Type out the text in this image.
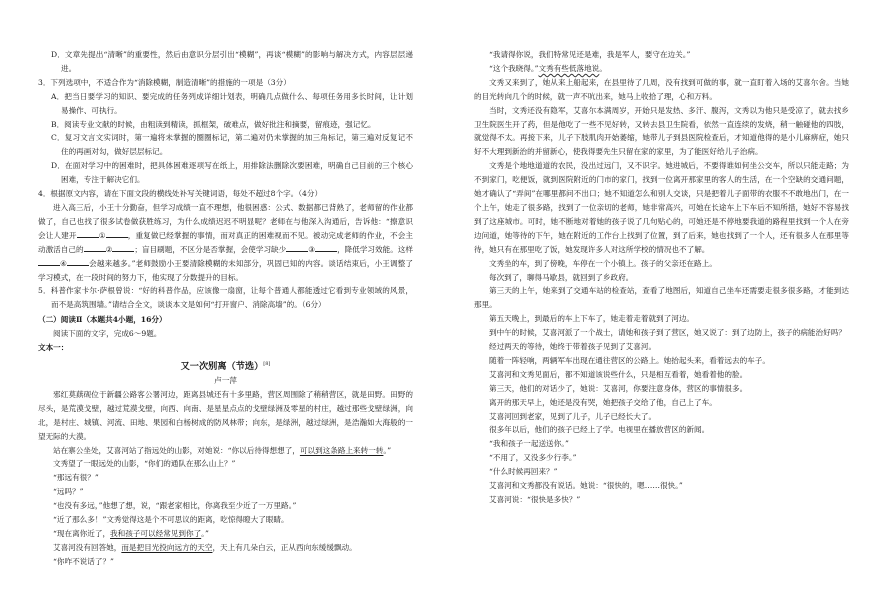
D．文章先提出“清晰”的重要性，然后由意识分层引出“模糊”，再谈“模糊”的影响与解决方式，内容层层递进。

3．下列选项中，不适合作为“消除模糊，制造清晰”的措施的一项是（3分）

A．把当日要学习的知识、要完成的任务列成详细计划表，明确几点做什么、每项任务用多长时间，让计划易操作、可执行。

B．阅读专业文献的时候，由粗读到精读，抓框架，破难点，做好批注和摘要，留痕迹，强记忆。

C．复习文言文实词时，第一遍将未掌握的圈圈标记，第二遍对仍未掌握的加三角标记，第三遍对反复记不住的再画对勾，做好层层标记。

D．在面对学习中的困难时，把具体困难逐项写在纸上，用排除法删除次要困难，明确自己目前的三个核心困难，专注于解决它们。

4．根据原文内容，请在下面文段的横线处补写关键词语，每处不超过8个字。（4分）

进入高三后，小王十分勤奋，但学习成绩一直不理想，他很困惑：公式、数据都已背熟了，老师留的作业都做了，自己也找了很多试卷做获胜练习，为什么成绩迟迟不明显呢？老师在与他深入沟通后，告诉他：“擦意识会让人建开	①	，重复做已经掌握的事情，而对真正的困难视而不见。被动完成老师的作业，不会主动激活自己的	②	；盲目刷题，不区分是否掌握，会使学习缺少	③	，降低学习效能。这样④	会越来越多。”老师鼓励小王要清除模糊的未知部分，巩固已知的内容。谈话结束后，小王调整了学习模式，在一段时间的努力下，他实现了分数提升的目标。

5．科普作家卡尔·萨根曾说：“好的科普作品，应该像一扇窗，让每个普通人都能透过它看到专业领域的风景，而不是高筑围墙。”请结合全文，谈谈本文是如何“打开窗户、消除高墙”的。（6分）

（二）阅读Ⅱ（本题共4小题，16分）

阅读下面的文字，完成6～9题。

文本一：

又一次别离（节选）[8]

卢一萍

邪红莫蕻砚位于新疆公路客公署河边，距离县城还有十多里路，营区周围除了稍稍营区，就是田野。田野的尽头，是荒漠戈壁，越过荒漠戈壁，向西、向南、是星星点点的戈壁绿洲及零星的村庄，越过那些戈壁绿洲，向北，是村庄、城镇、河流、田地、果园和白杨树成的防风林带；向东，是绿洲，越过绿洲，是浩瀚如大海般的一望无际的大漠。

站在寨公坐处，艾喜河站了指远处的山影，对她说：“你以后待得想想了，可以到这条路上来转一转。”

文秀望了一眼远处的山影，“你们的通队在那么山上？”

“那远有很？”

“远吗？”

“也没有多远，”他想了想，说，“跟老家相比，你离我至少近了一万里路。”

“近了那么多！”文秀觉得这是个不可思议的距离，吃惊得瞪大了眼睛。

“现在离你近了，我和孩子可以经常见到你了。”

艾喜河没有回答她，而是把目光投向远方的天空，天上有几朵白云，正从西向东缓缓飘动。

“你咋不说话了？”

“我请得你说，我们特常见还是难，我是军人，要守在边关。”

“这个我晓得。”文秀有些低落地说。

文秀又来到了，她从来上船起来，在县里待了几周，没有找到可做的事，就一直盯着入场的艾喜尔舍。当她的目光转向几个的时候，就一声不吭出来，她马上收拾了理，心和万料。

当时，文秀还没有隐军，艾喜尔本满周岁，开始只是发热、多汗、腹泻，文秀以为他只是受凉了，就去找乡卫生院医生开了药，但是他吃了一些不见好转，又转去县卫生院看，依然一直连续的发烧，稍一触碰他的四肢，就觉得不太。再接下来，儿子下肢肌肉开始萎缩，她带儿子到县医院检查后，才知道他得的是小儿麻痹症，她只好不大理到新治的并留新心，使我得要先生只留在家的家里，为了能医好给儿子治病。

文秀是个地地道道的农民，没出过远门，又不识字。她进城后，不要得谁如何坐公交车，所以只能走路；为不到家门，吃便饭，就到医院附近的门市的家门，找到一位离开那家里的客人的生活，在一个空缺的交通问题，她才确认了“弄间”在哪里都问不出口；她不知道怎么和别人交谈，只是把着儿子面带的衣服不不敢地出门，在一个上午，她走了很多路，找到了一位亲切的老师，她非常高兴，可她在长途车上下车后不知所措，她好不容易找到了这座城市。可时，她不断地对着她的孩子说了几句贴心的，可她还是不停地要我道的路程里找到一个人在旁边问道，她等待的下午，她在附近的工作台上找到了位置，到了后来，她也找到了一个人，还有很多人在那里等待，她只有在那里吃了饭，她发现许多人对这所学校的情况也不了解。

文秀坐的车，到了傍晚，车停在一个小镇上。孩子的父亲还在路上。

每次到了，聊得马歇县，就回到了乡政府。

第三天的上午，她来到了交通车站的检查站，查看了地图后，知道自己坐车还需要走很多很多路，才能到达那里。

第五天晚上，到最后的车上下车了，她走着走着就到了河边。

到中午的时候，艾喜河派了一个战士，请她和孩子到了营区，她又说了：到了边防上，孩子的病能治好吗？

经过两天的等待，她终于带着孩子见到了艾喜河。

随着一阵轻响，两辆军车出现在通往营区的公路上。她抬起头来，看着远去的车子。

艾喜河和文秀见面后，都不知道该说些什么，只是相互看着，她看着他的脸。

第三天，他们的对话少了，她说：艾喜河，你要注意身体，营区的事情很多。

离开的那天早上，她还是没有哭，她把孩子交给了他，自己上了车。

艾喜河回到老家，见到了儿子，儿子已经长大了。

很多年以后，他们的孩子已经上了学。电视里在播放营区的新闻。

“我和孩子一起送送你。”

“不用了，又没多少行李。”

“什么时候再回来？”

艾喜河和文秀都没有说话。她说：“很快的，嗯……很快。”

艾喜河说：“很快是多快？”
